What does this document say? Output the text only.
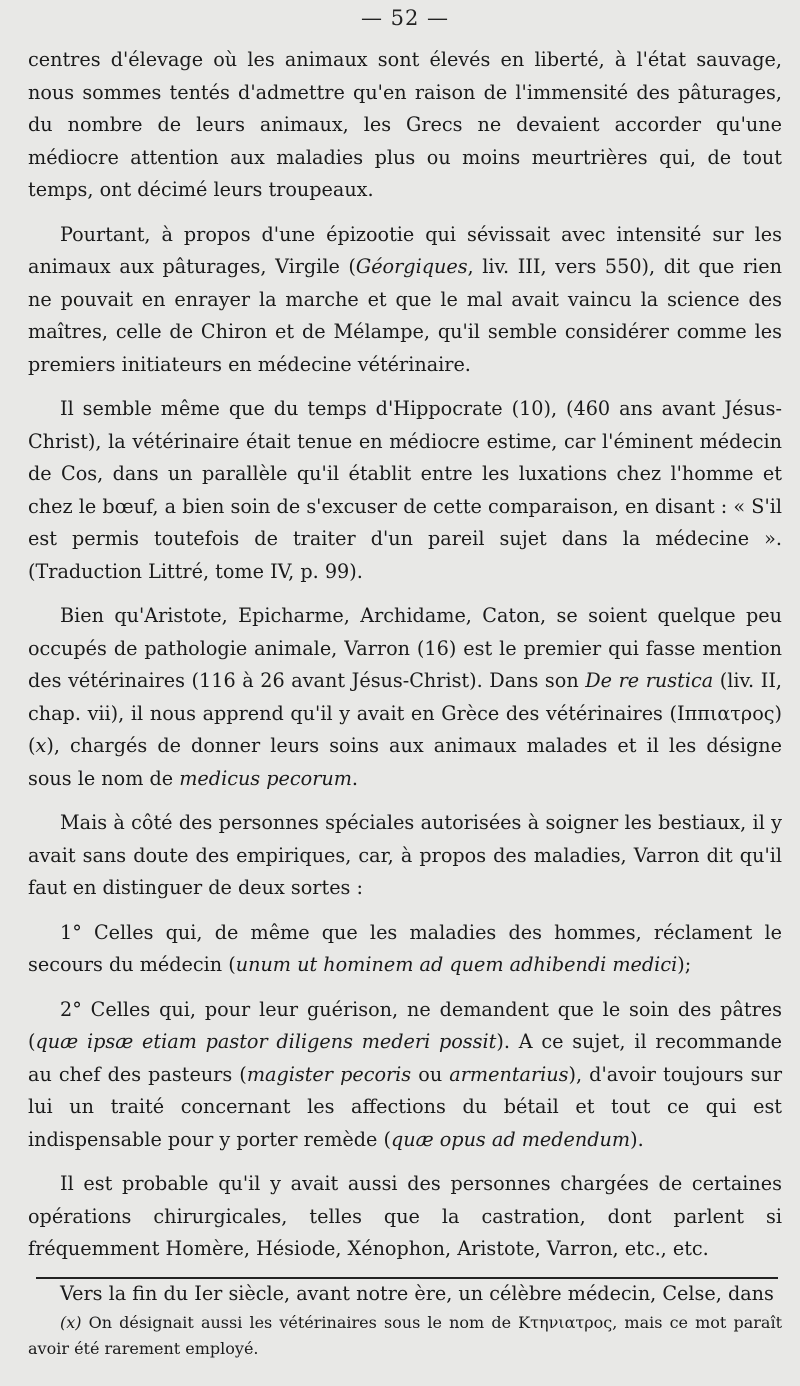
— 52 —

centres d'élevage où les animaux sont élevés en liberté, à l'état sauvage, nous sommes tentés d'admettre qu'en raison de l'immensité des pâturages, du nombre de leurs animaux, les Grecs ne devaient accorder qu'une médiocre attention aux maladies plus ou moins meurtrières qui, de tout temps, ont décimé leurs troupeaux.

Pourtant, à propos d'une épizootie qui sévissait avec intensité sur les animaux aux pâturages, Virgile (Géorgiques, liv. III, vers 550), dit que rien ne pouvait en enrayer la marche et que le mal avait vaincu la science des maîtres, celle de Chiron et de Mélampe, qu'il semble considérer comme les premiers initiateurs en médecine vétérinaire.

Il semble même que du temps d'Hippocrate (10), (460 ans avant Jésus-Christ), la vétérinaire était tenue en médiocre estime, car l'éminent médecin de Cos, dans un parallèle qu'il établit entre les luxations chez l'homme et chez le bœuf, a bien soin de s'excuser de cette comparaison, en disant : « S'il est permis toutefois de traiter d'un pareil sujet dans la médecine ». (Traduction Littré, tome IV, p. 99).

Bien qu'Aristote, Epicharme, Archidame, Caton, se soient quelque peu occupés de pathologie animale, Varron (16) est le premier qui fasse mention des vétérinaires (116 à 26 avant Jésus-Christ). Dans son De re rustica (liv. II, chap. vii), il nous apprend qu'il y avait en Grèce des vétérinaires (Ιππιατρος) (x), chargés de donner leurs soins aux animaux malades et il les désigne sous le nom de medicus pecorum.

Mais à côté des personnes spéciales autorisées à soigner les bestiaux, il y avait sans doute des empiriques, car, à propos des maladies, Varron dit qu'il faut en distinguer de deux sortes :

1° Celles qui, de même que les maladies des hommes, réclament le secours du médecin (unum ut hominem ad quem adhibendi medici);

2° Celles qui, pour leur guérison, ne demandent que le soin des pâtres (quæ ipsæ etiam pastor diligens mederi possit). A ce sujet, il recommande au chef des pasteurs (magister pecoris ou armentarius), d'avoir toujours sur lui un traité concernant les affections du bétail et tout ce qui est indispensable pour y porter remède (quæ opus ad medendum).

Il est probable qu'il y avait aussi des personnes chargées de certaines opérations chirurgicales, telles que la castration, dont parlent si fréquemment Homère, Hésiode, Xénophon, Aristote, Varron, etc., etc.

Vers la fin du Ier siècle, avant notre ère, un célèbre médecin, Celse, dans

(x) On désignait aussi les vétérinaires sous le nom de Κτηνιατρος, mais ce mot paraît avoir été rarement employé.
